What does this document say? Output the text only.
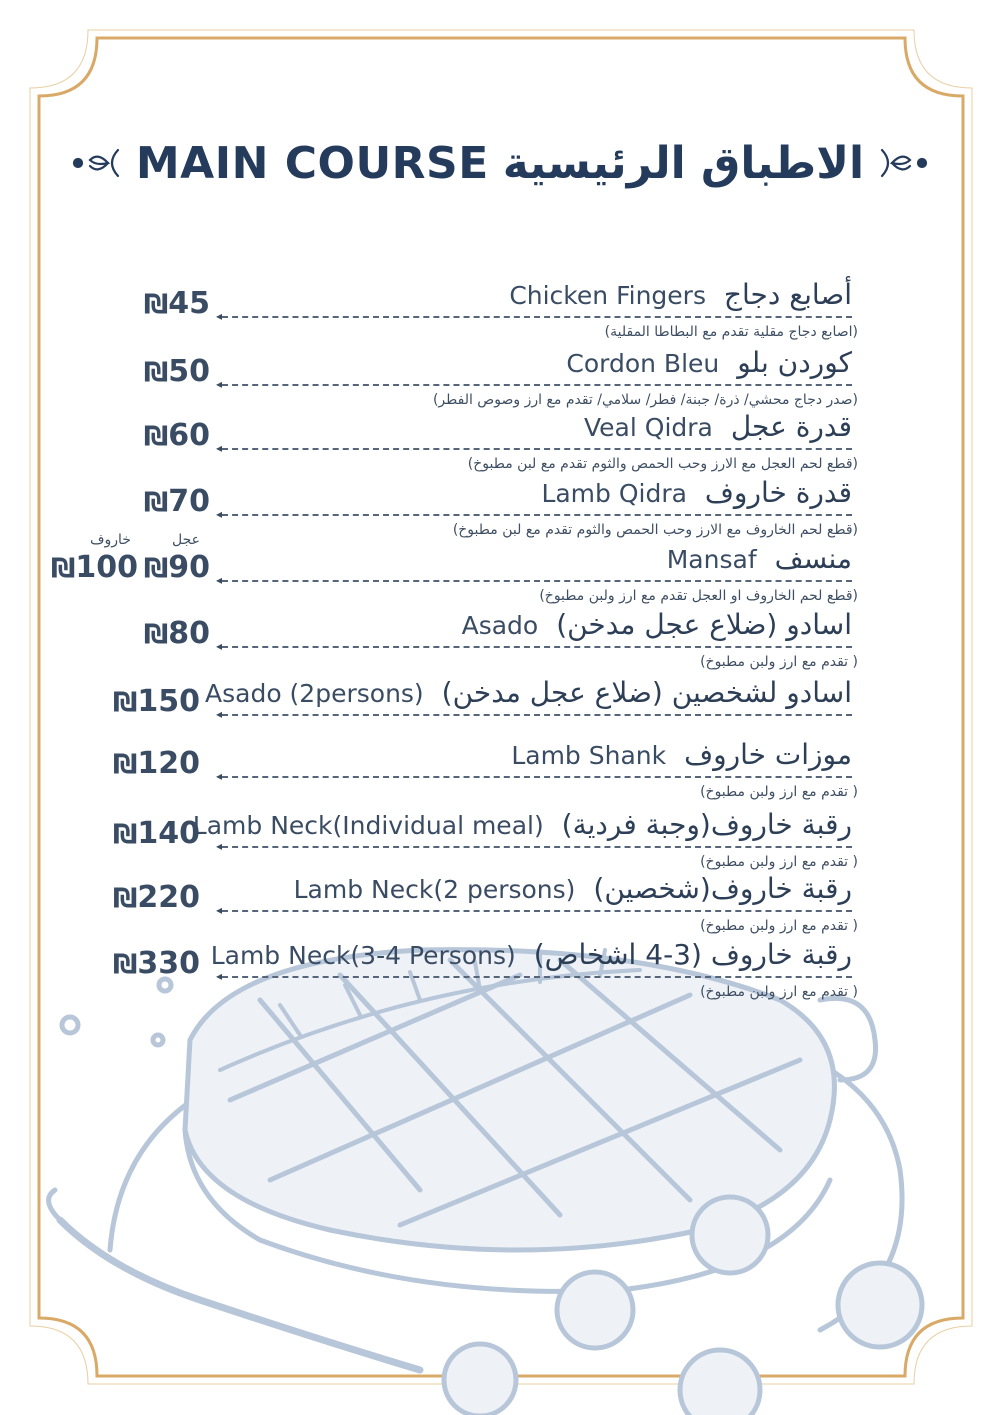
MAIN COURSE الاطباق الرئيسية
خاروف	عجل
Chicken Fingers أصابع دجاج
◂
₪45
(اصابع دجاج مقلية تقدم مع البطاطا المقلية)
Cordon Bleu كوردن بلو
◂
₪50
(صدر دجاج محشي/ ذرة/ جبنة/ فطر/ سلامي/ تقدم مع ارز وصوص الفطر)
Veal Qidra قدرة عجل
◂
₪60
(قطع لحم العجل مع الارز وحب الحمص والثوم تقدم مع لبن مطبوخ)
Lamb Qidra قدرة خاروف
◂
₪70
(قطع لحم الخاروف مع الارز وحب الحمص والثوم تقدم مع لبن مطبوخ)
Mansaf منسف
◂
₪90
₪100
(قطع لحم الخاروف او العجل تقدم مع ارز ولبن مطبوخ)
Asado اسادو (ضلاع عجل مدخن)
◂
₪80
( تقدم مع ارز ولبن مطبوخ)
Asado (2persons) اسادو لشخصين (ضلاع عجل مدخن)
◂
₪150
Lamb Shank موزات خاروف
◂
₪120
( تقدم مع ارز ولبن مطبوخ)
Lamb Neck(Individual meal) رقبة خاروف(وجبة فردية)
◂
₪140
( تقدم مع ارز ولبن مطبوخ)
Lamb Neck(2 persons) رقبة خاروف(شخصين)
◂
₪220
( تقدم مع ارز ولبن مطبوخ)
Lamb Neck(3-4 Persons) رقبة خاروف (3-4 اشخاص)
◂
₪330
( تقدم مع ارز ولبن مطبوخ)
